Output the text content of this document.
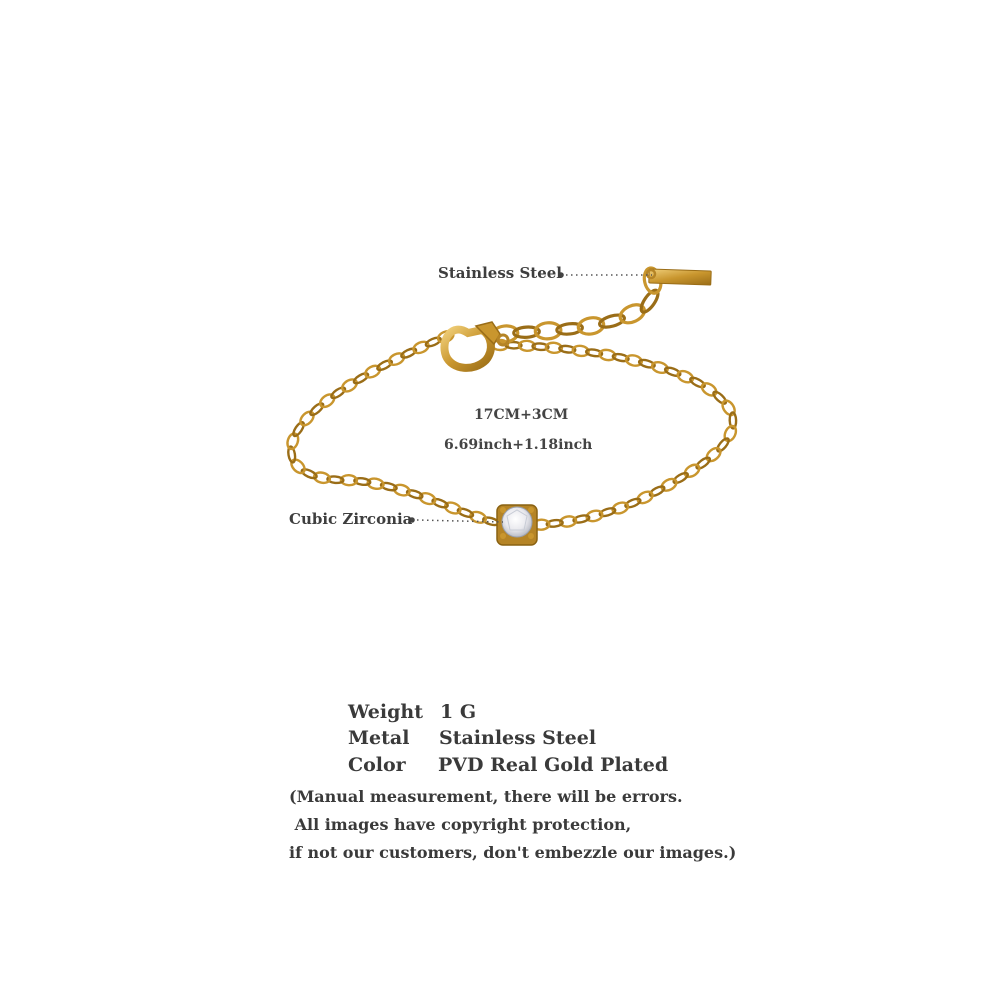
Stainless Steel
Cubic Zirconia
17CM+3CM
6.69inch+1.18inch
Weight 1 G
Metal Stainless Steel
Color PVD Real Gold Plated
(Manual measurement, there will be errors.
All images have copyright protection,
if not our customers, don't embezzle our images.)
